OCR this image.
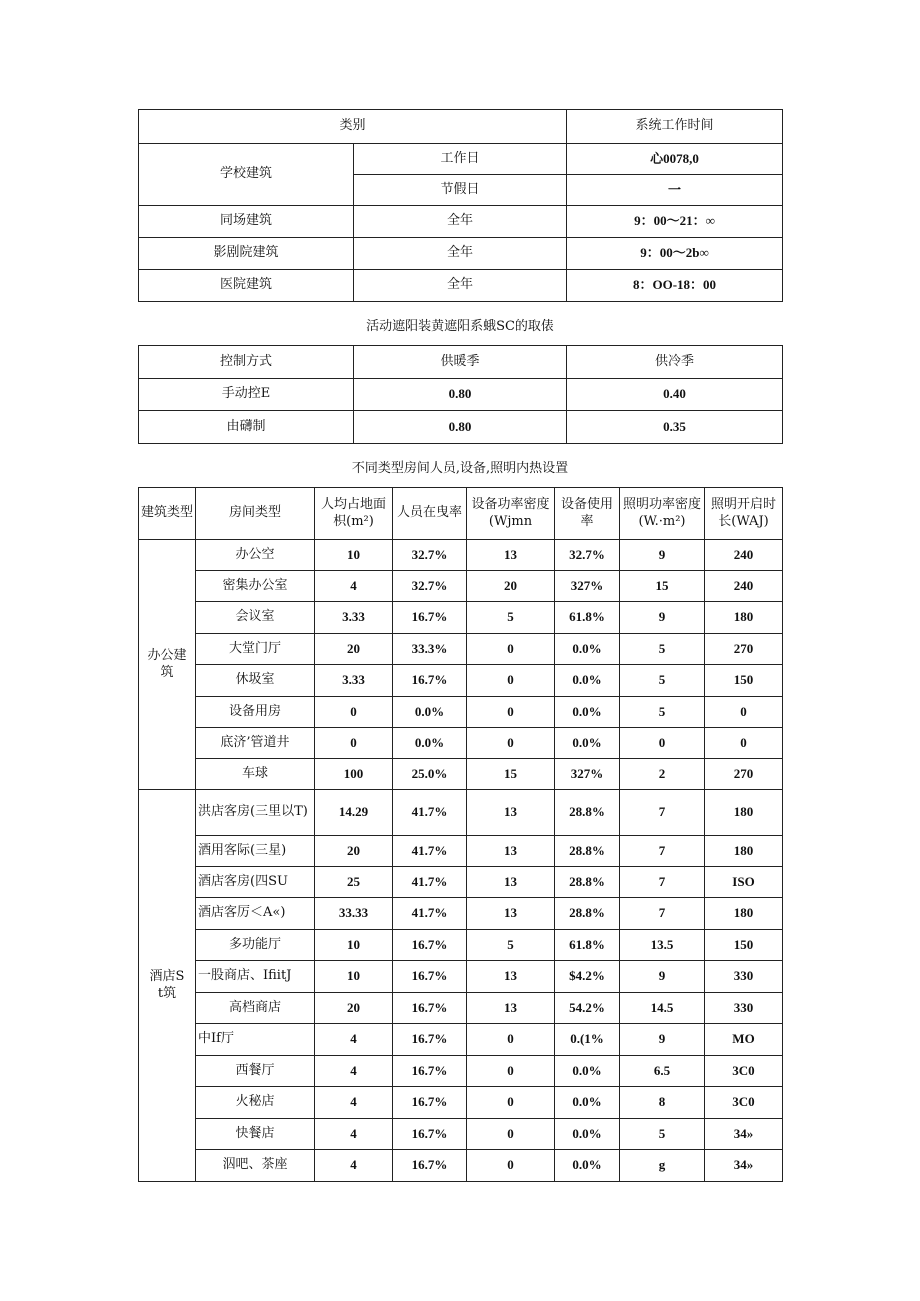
类别		系统工作时间
学校建筑	工作日	心0078,0
	节假日	一
同场建筑	全年	9：00〜21：∞
影剧院建筑	全年	9：00〜2b∞
医院建筑	全年	8：OO-18：00
活动遮阳装黄遮阳系蛾SC的取俵
控制方式	供暖季	供冷季
手动控E	0.80	0.40
由礴制	0.80	0.35
不同类型房间人员,设备,照明内热设置
建筑类型	房间类型	人均占地面枳(m²)	人员在曳率	设备功率密度(Wjmn	设备使用率	照明功率密度(W.·m²)	照明开启时长(WAJ)
办公建筑	办公空	10	32.7%	13	32.7%	9	240
	密集办公室	4	32.7%	20	327%	15	240
	会议室	3.33	16.7%	5	61.8%	9	180
	大堂门厅	20	33.3%	0	0.0%	5	270
	休圾室	3.33	16.7%	0	0.0%	5	150
	设备用房	0	0.0%	0	0.0%	5	0
	底济’管道井	0	0.0%	0	0.0%	0	0
	车球	100	25.0%	15	327%	2	270
酒店St筑	洪店客房(三里以T)	14.29	41.7%	13	28.8%	7	180
	酒用客际(三星)	20	41.7%	13	28.8%	7	180
	酒店客房(四SU	25	41.7%	13	28.8%	7	ISO
	酒店客厉＜A«)	33.33	41.7%	13	28.8%	7	180
	多功能厅	10	16.7%	5	61.8%	13.5	150
	一股商店、IfiitJ	10	16.7%	13	$4.2%	9	330
	高档商店	20	16.7%	13	54.2%	14.5	330
	中If厅	4	16.7%	0	0.(1%	9	MO
	西餐厅	4	16.7%	0	0.0%	6.5	3C0
	火秘店	4	16.7%	0	0.0%	8	3C0
	快餐店	4	16.7%	0	0.0%	5	34»
	泅吧、茶座	4	16.7%	0	0.0%	g	34»
